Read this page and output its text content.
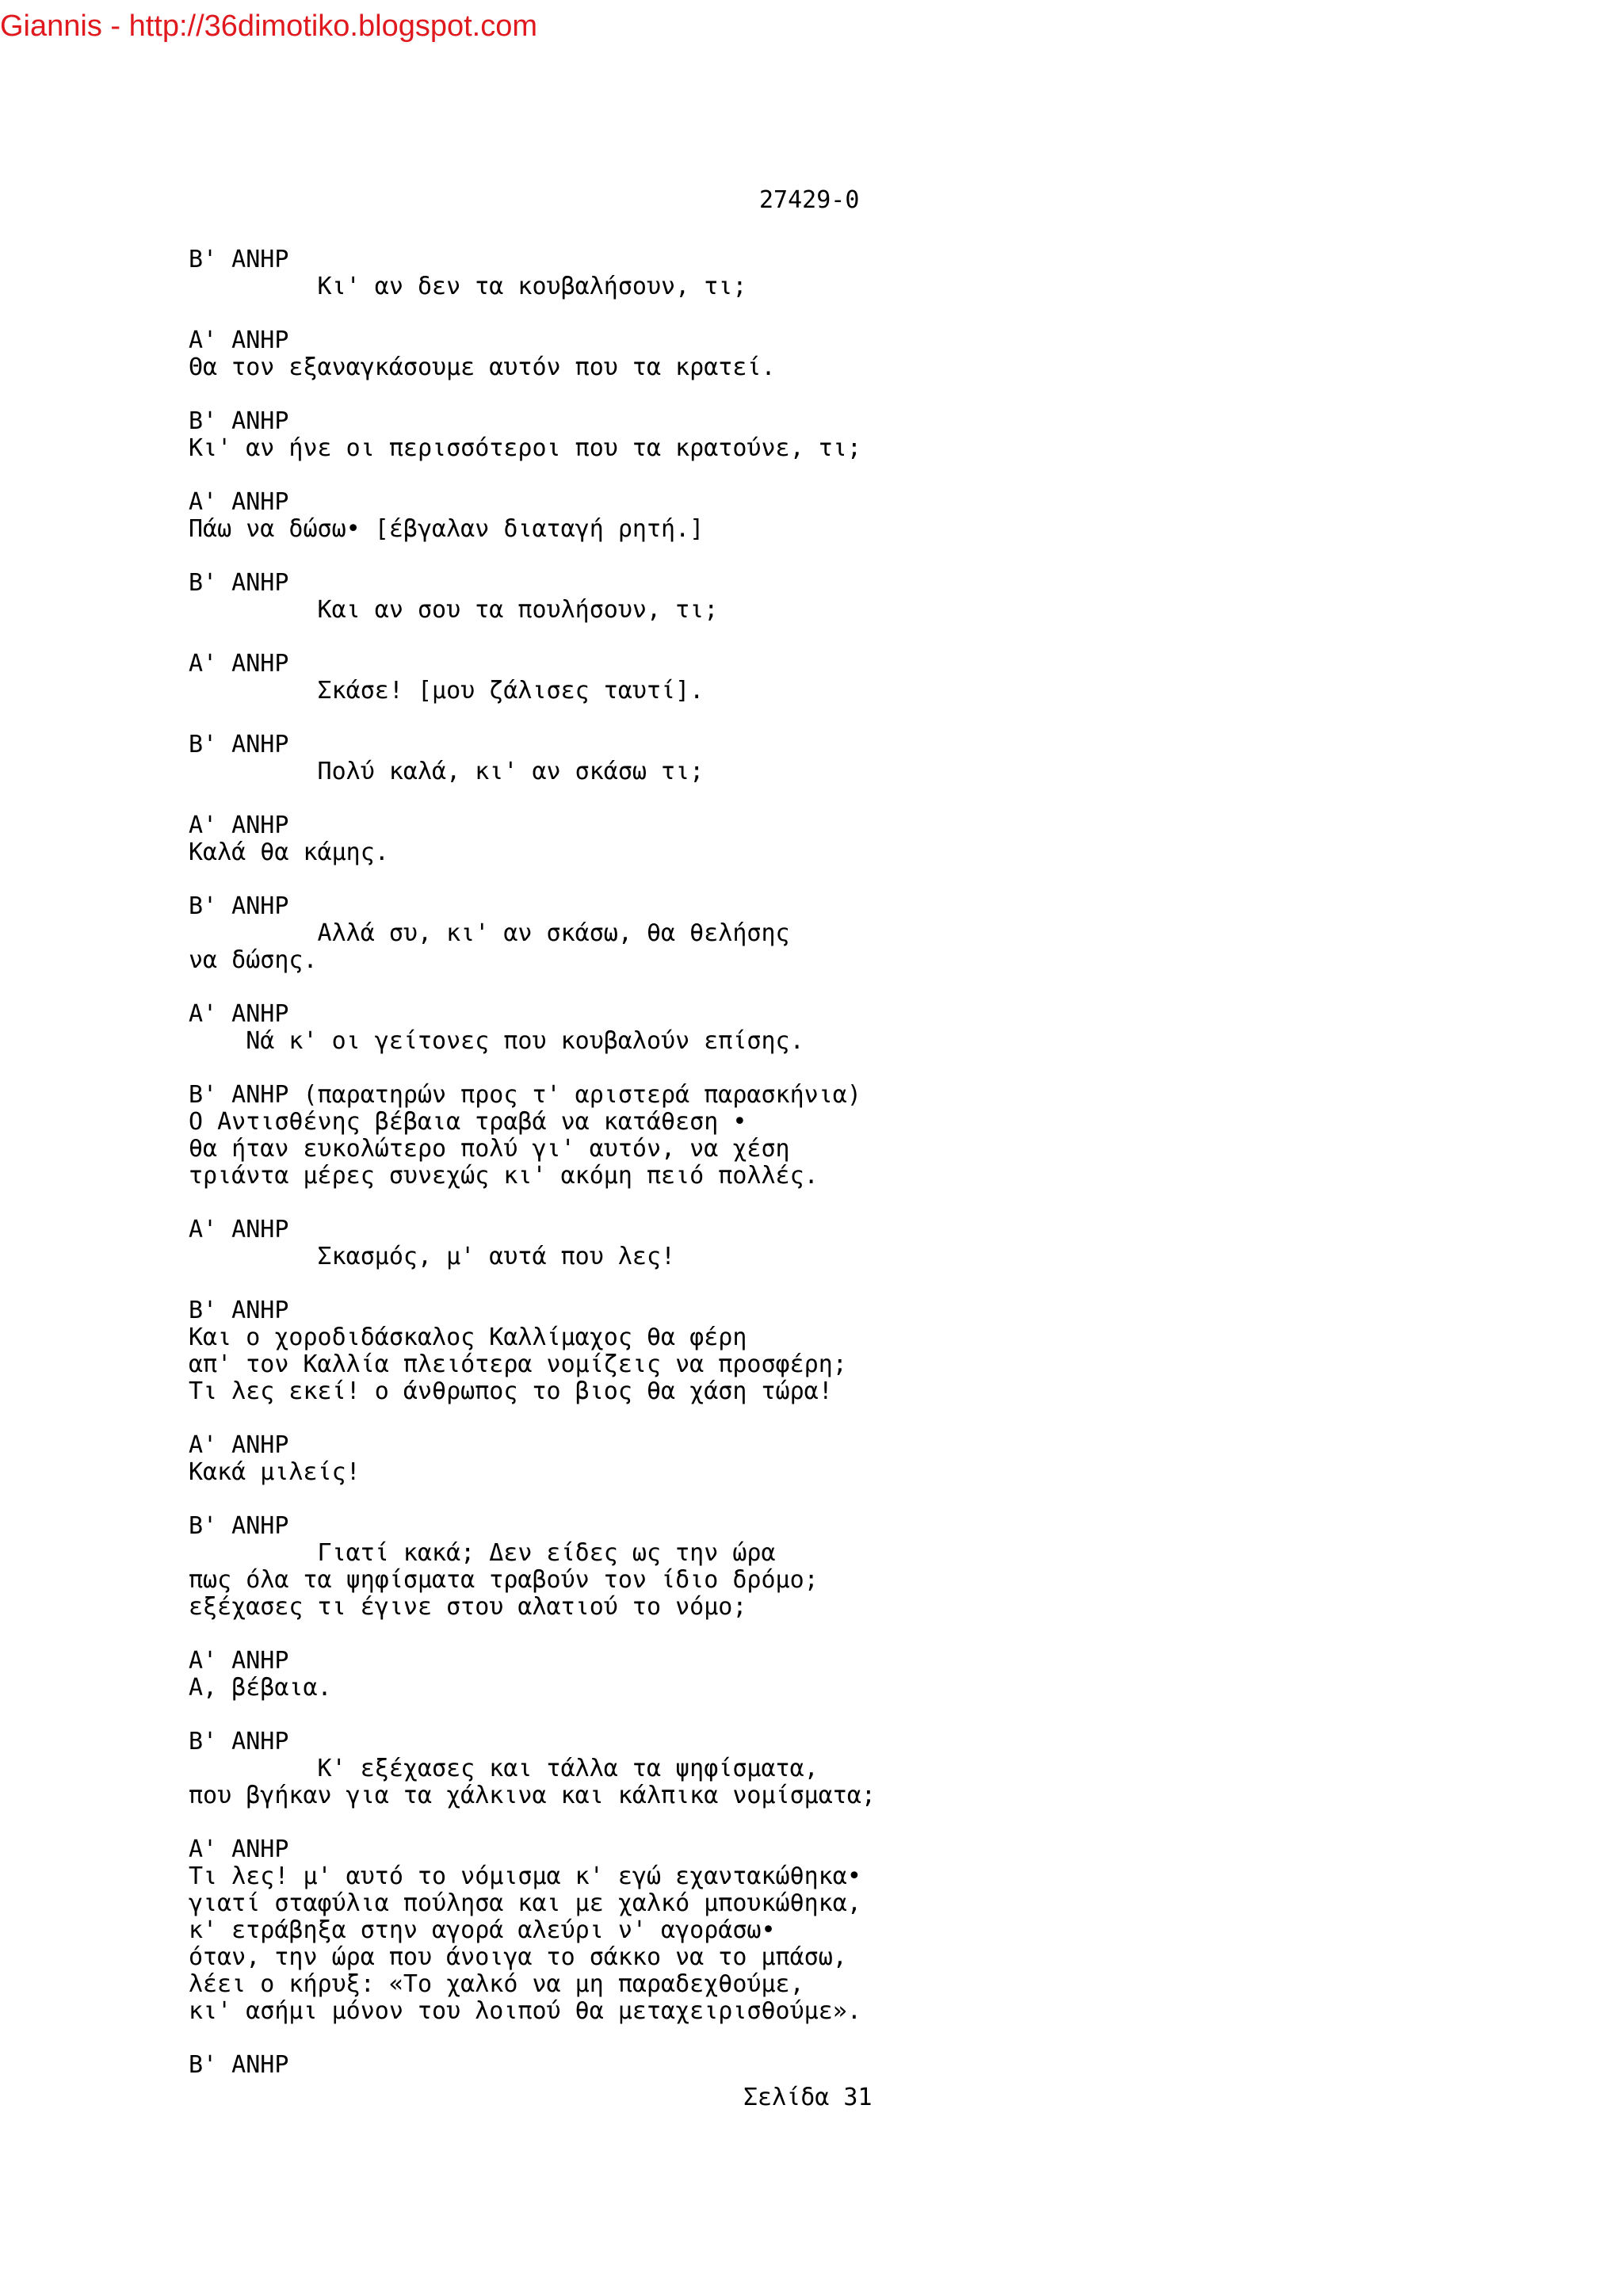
Giannis - http://36dimotiko.blogspot.com
27429-0
Β' ΑΝΗΡ
Κι' αν δεν τα κουβαλήσουν, τι;
Α' ΑΝΗΡ
Θα τον εξαναγκάσουμε αυτόν που τα κρατεί.
Β' ΑΝΗΡ
Κι' αν ήνε οι περισσότεροι που τα κρατούνε, τι;
Α' ΑΝΗΡ
Πάω να δώσω• [έβγαλαν διαταγή ρητή.]
Β' ΑΝΗΡ
Και αν σου τα πουλήσουν, τι;
Α' ΑΝΗΡ
Σκάσε! [μου ζάλισες ταυτί].
Β' ΑΝΗΡ
Πολύ καλά, κι' αν σκάσω τι;
Α' ΑΝΗΡ
Καλά θα κάμης.
Β' ΑΝΗΡ
Αλλά συ, κι' αν σκάσω, θα θελήσης
να δώσης.
Α' ΑΝΗΡ
Νά κ' οι γείτονες που κουβαλούν επίσης.
Β' ΑΝΗΡ (παρατηρών προς τ' αριστερά παρασκήνια)
Ο Αντισθένης βέβαια τραβά να κατάθεση •
θα ήταν ευκολώτερο πολύ γι' αυτόν, να χέση
τριάντα μέρες συνεχώς κι' ακόμη πειό πολλές.
Α' ΑΝΗΡ
Σκασμός, μ' αυτά που λες!
Β' ΑΝΗΡ
Και ο χοροδιδάσκαλος Καλλίμαχος θα φέρη
απ' τον Καλλία πλειότερα νομίζεις να προσφέρη;
Τι λες εκεί! ο άνθρωπος το βιος θα χάση τώρα!
Α' ΑΝΗΡ
Κακά μιλείς!
Β' ΑΝΗΡ
Γιατί κακά; Δεν είδες ως την ώρα
πως όλα τα ψηφίσματα τραβούν τον ίδιο δρόμο;
εξέχασες τι έγινε στου αλατιού το νόμο;
Α' ΑΝΗΡ
Α, βέβαια.
Β' ΑΝΗΡ
Κ' εξέχασες και τάλλα τα ψηφίσματα,
που βγήκαν για τα χάλκινα και κάλπικα νομίσματα;
Α' ΑΝΗΡ
Τι λες! μ' αυτό το νόμισμα κ' εγώ εχαντακώθηκα•
γιατί σταφύλια πούλησα και με χαλκό μπουκώθηκα,
κ' ετράβηξα στην αγορά αλεύρι ν' αγοράσω•
όταν, την ώρα που άνοιγα το σάκκο να το μπάσω,
λέει ο κήρυξ: «Το χαλκό να μη παραδεχθούμε,
κι' ασήμι μόνον του λοιπού θα μεταχειρισθούμε».
Β' ΑΝΗΡ
Σελίδα 31
